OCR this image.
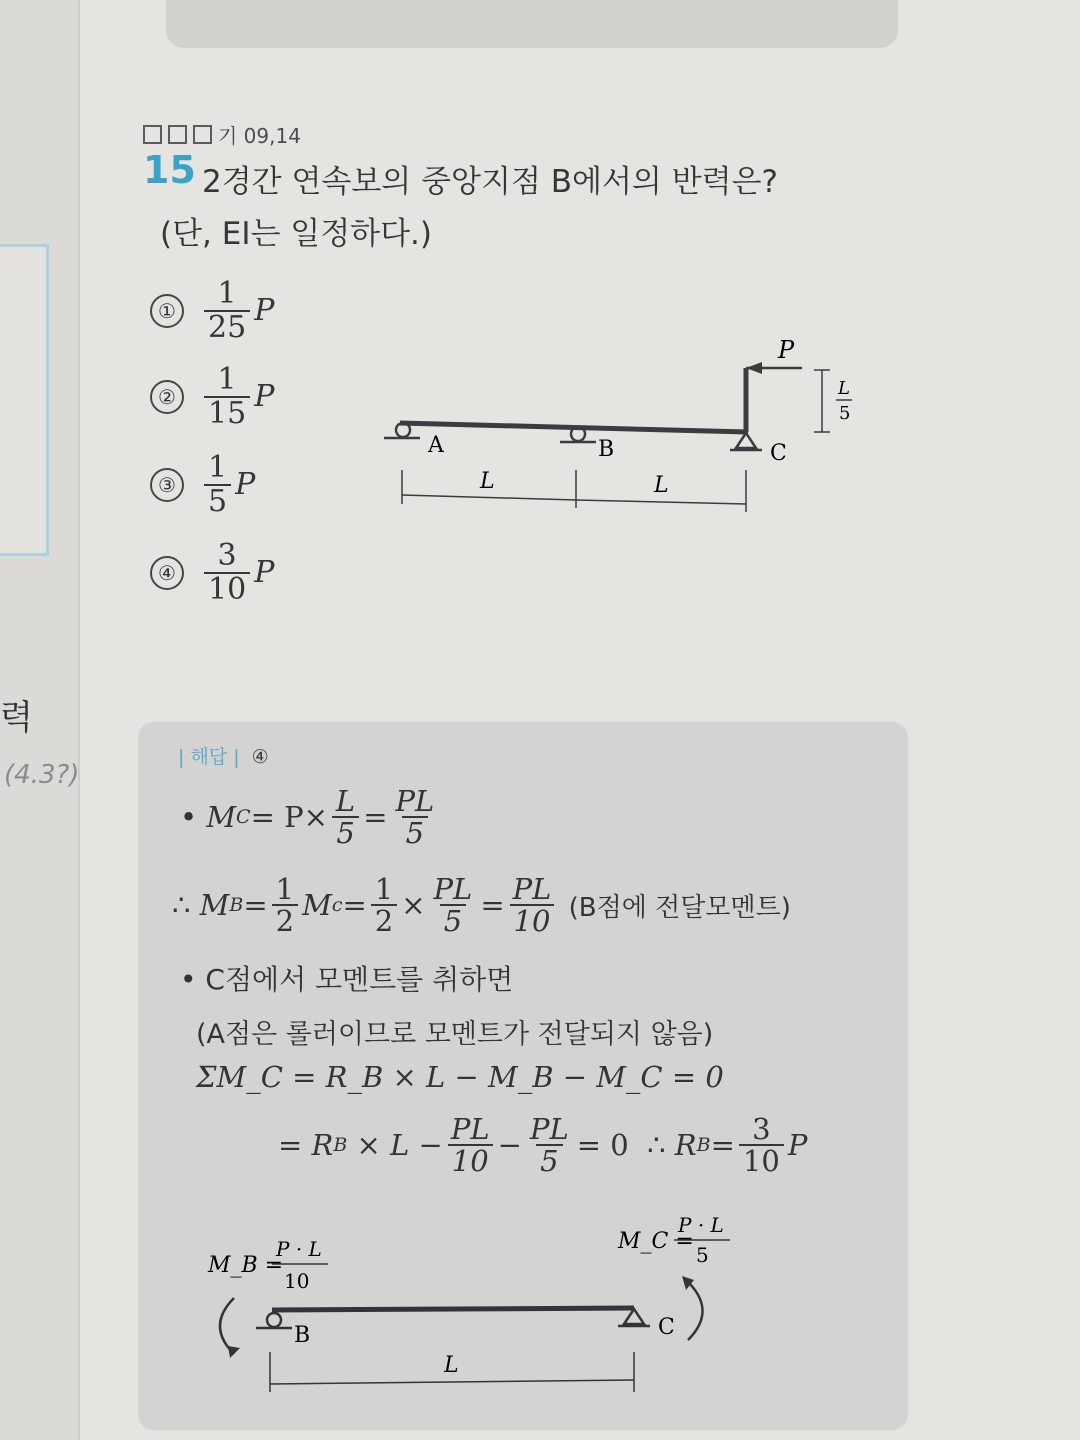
력
(4.3?)
기 09,14
15 2경간 연속보의 중앙지점 B에서의 반력은?
(단, EI는 일정하다.)
① $\frac{1}{25}$ P
② $\frac{1}{15}$ P
③ $\frac{1}{5}$ P
④ $\frac{3}{10}$ P
P
L
5
A	B	C
L	L
| 해답 | ④
•
M $C = P\times \frac{L}{5} = \frac{PL}{5}$
∴
M $B = \frac{1}{2}$ M $c = \frac{1}{2} \times \frac{PL}{5} = \frac{PL}{10}$
(B점에 전달모멘트)
• C점에서 모멘트를 취하면
(A점은 롤러이므로 모멘트가 전달되지 않음)
ΣM_C = R_B × L − M_B − M_C = 0
= R B
× $L - \frac{PL}{10} - \frac{PL}{5} = 0$
∴
R $B = \frac{3}{10}$ P
M_B =
P · L
10
M_C =
P · L
5
B	C
L
